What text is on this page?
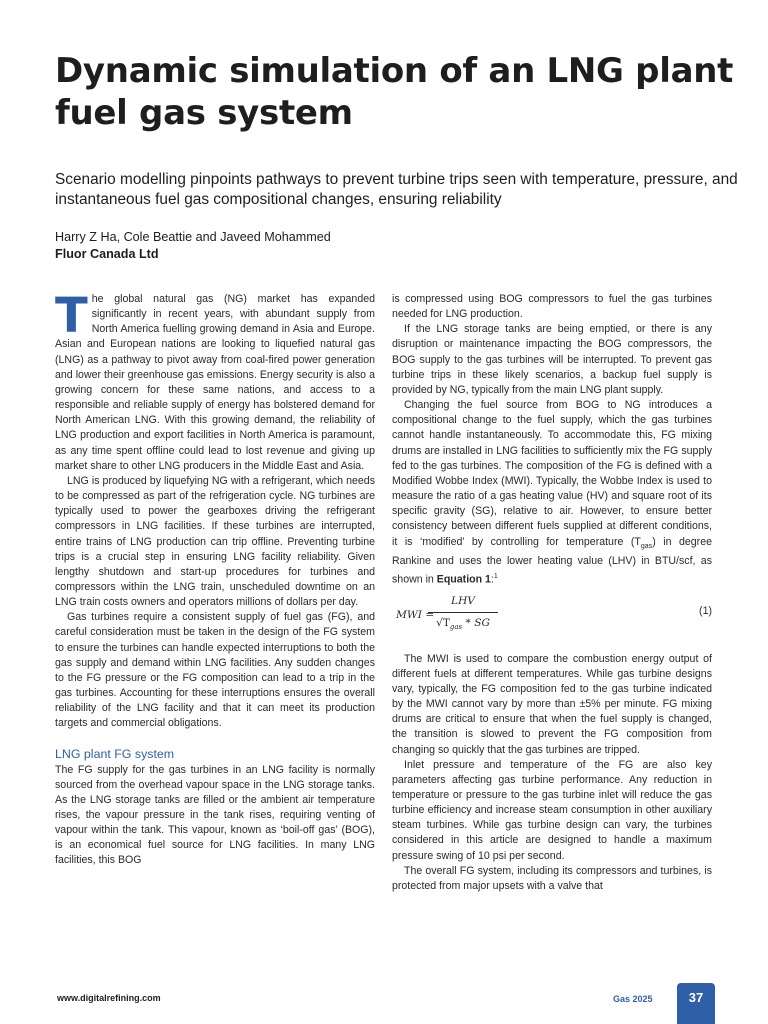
Dynamic simulation of an LNG plant fuel gas system

Scenario modelling pinpoints pathways to prevent turbine trips seen with temperature, pressure, and instantaneous fuel gas compositional changes, ensuring reliability

Harry Z Ha, Cole Beattie and Javeed Mohammed
Fluor Canada Ltd

The global natural gas (NG) market has expanded significantly in recent years, with abundant supply from North America fuelling growing demand in Asia and Europe. Asian and European nations are looking to liquefied natural gas (LNG) as a pathway to pivot away from coal-fired power generation and lower their greenhouse gas emissions. Energy security is also a growing concern for these same nations, and access to a responsible and reliable supply of energy has bolstered demand for North American LNG. With this growing demand, the reliability of LNG production and export facilities in North America is paramount, as any time spent offline could lead to lost revenue and giving up market share to other LNG producers in the Middle East and Asia.

LNG is produced by liquefying NG with a refrigerant, which needs to be compressed as part of the refrigeration cycle. NG turbines are typically used to power the gearboxes driving the refrigerant compressors in LNG facilities. If these turbines are interrupted, entire trains of LNG production can trip offline. Preventing turbine trips is a crucial step in ensuring LNG facility reliability. Given lengthy shutdown and start-up procedures for turbines and compressors within the LNG train, unscheduled downtime on an LNG train costs owners and operators millions of dollars per day.

Gas turbines require a consistent supply of fuel gas (FG), and careful consideration must be taken in the design of the FG system to ensure the turbines can handle expected interruptions to both the gas supply and demand within LNG facilities. Any sudden changes to the FG pressure or the FG composition can lead to a trip in the gas turbines. Accounting for these interruptions ensures the overall reliability of the LNG facility and that it can meet its production targets and commercial obligations.

LNG plant FG system

The FG supply for the gas turbines in an LNG facility is normally sourced from the overhead vapour space in the LNG storage tanks. As the LNG storage tanks are filled or the ambient air temperature rises, the vapour pressure in the tank rises, requiring venting of vapour within the tank. This vapour, known as ‘boil-off gas’ (BOG), is an economical fuel source for LNG facilities. In many LNG facilities, this BOG

is compressed using BOG compressors to fuel the gas turbines needed for LNG production.

If the LNG storage tanks are being emptied, or there is any disruption or maintenance impacting the BOG compressors, the BOG supply to the gas turbines will be interrupted. To prevent gas turbine trips in these likely scenarios, a backup fuel supply is provided by NG, typically from the main LNG plant supply.

Changing the fuel source from BOG to NG introduces a compositional change to the fuel supply, which the gas turbines cannot handle instantaneously. To accommodate this, FG mixing drums are installed in LNG facilities to sufficiently mix the FG supply fed to the gas turbines. The composition of the FG is defined with a Modified Wobbe Index (MWI). Typically, the Wobbe Index is used to measure the ratio of a gas heating value (HV) and square root of its specific gravity (SG), relative to air. However, to ensure better consistency between different fuels supplied at different conditions, it is ‘modified’ by controlling for temperature $(T_{gas})$ in degree Rankine and uses the lower heating value (LHV) in BTU/scf, as shown in Equation 1:$^1$

MWI =
LHV
$√T_{gas}$ * SG
(1)

The MWI is used to compare the combustion energy output of different fuels at different temperatures. While gas turbine designs vary, typically, the FG composition fed to the gas turbine indicated by the MWI cannot vary by more than ±5% per minute. FG mixing drums are critical to ensure that when the fuel supply is changed, the transition is slowed to prevent the FG composition from changing so quickly that the gas turbines are tripped.

Inlet pressure and temperature of the FG are also key parameters affecting gas turbine performance. Any reduction in temperature or pressure to the gas turbine inlet will reduce the gas turbine efficiency and increase steam consumption in other auxiliary steam turbines. While gas turbine design can vary, the turbines considered in this article are designed to handle a maximum pressure swing of 10 psi per second.

The overall FG system, including its compressors and turbines, is protected from major upsets with a valve that

www.digitalrefining.com	Gas 2025	37
